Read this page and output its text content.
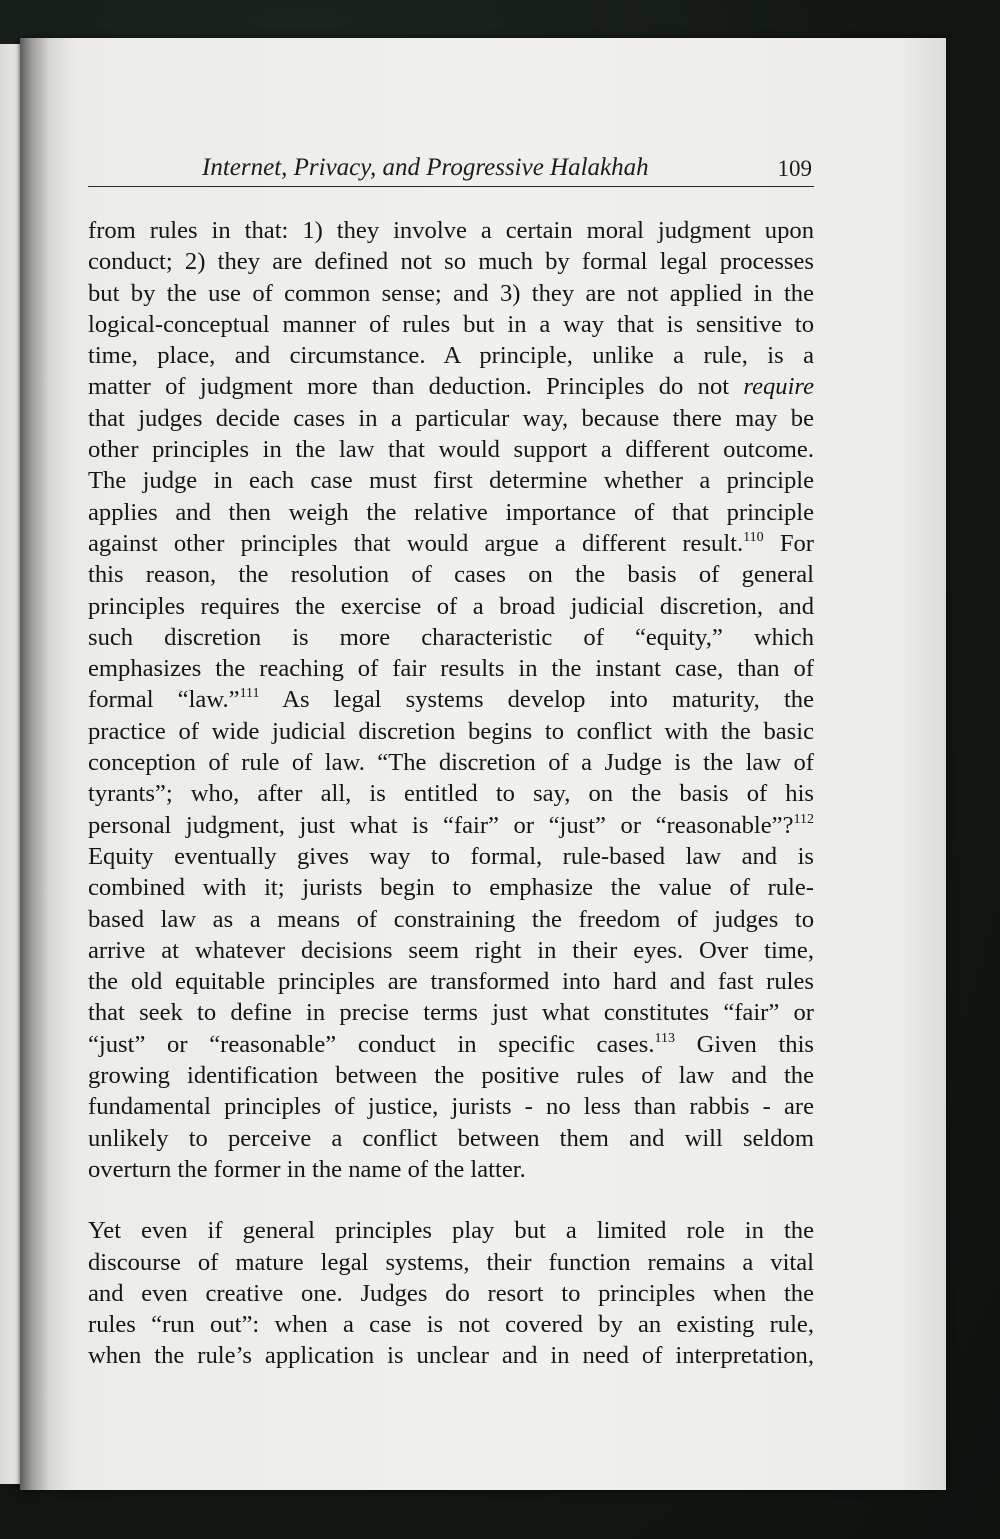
Internet, Privacy, and Progressive Halakhah	109
from rules in that: 1) they involve a certain moral judgment upon
conduct; 2) they are defined not so much by formal legal processes
but by the use of common sense; and 3) they are not applied in the
logical-conceptual manner of rules but in a way that is sensitive to
time, place, and circumstance. A principle, unlike a rule, is a
matter of judgment more than deduction. Principles do not require
that judges decide cases in a particular way, because there may be
other principles in the law that would support a different outcome.
The judge in each case must first determine whether a principle
applies and then weigh the relative importance of that principle
against other principles that would argue a different result.$^{110}$ For
this reason, the resolution of cases on the basis of general
principles requires the exercise of a broad judicial discretion, and
such discretion is more characteristic of “equity,” which
emphasizes the reaching of fair results in the instant case, than of
formal “law.”$^{111}$ As legal systems develop into maturity, the
practice of wide judicial discretion begins to conflict with the basic
conception of rule of law. “The discretion of a Judge is the law of
tyrants”; who, after all, is entitled to say, on the basis of his
personal judgment, just what is “fair” or “just” or “reasonable”?$^{112}$
Equity eventually gives way to formal, rule-based law and is
combined with it; jurists begin to emphasize the value of rule-
based law as a means of constraining the freedom of judges to
arrive at whatever decisions seem right in their eyes. Over time,
the old equitable principles are transformed into hard and fast rules
that seek to define in precise terms just what constitutes “fair” or
“just” or “reasonable” conduct in specific cases.$^{113}$ Given this
growing identification between the positive rules of law and the
fundamental principles of justice, jurists - no less than rabbis - are
unlikely to perceive a conflict between them and will seldom
overturn the former in the name of the latter.
Yet even if general principles play but a limited role in the
discourse of mature legal systems, their function remains a vital
and even creative one. Judges do resort to principles when the
rules “run out”: when a case is not covered by an existing rule,
when the rule’s application is unclear and in need of interpretation,
